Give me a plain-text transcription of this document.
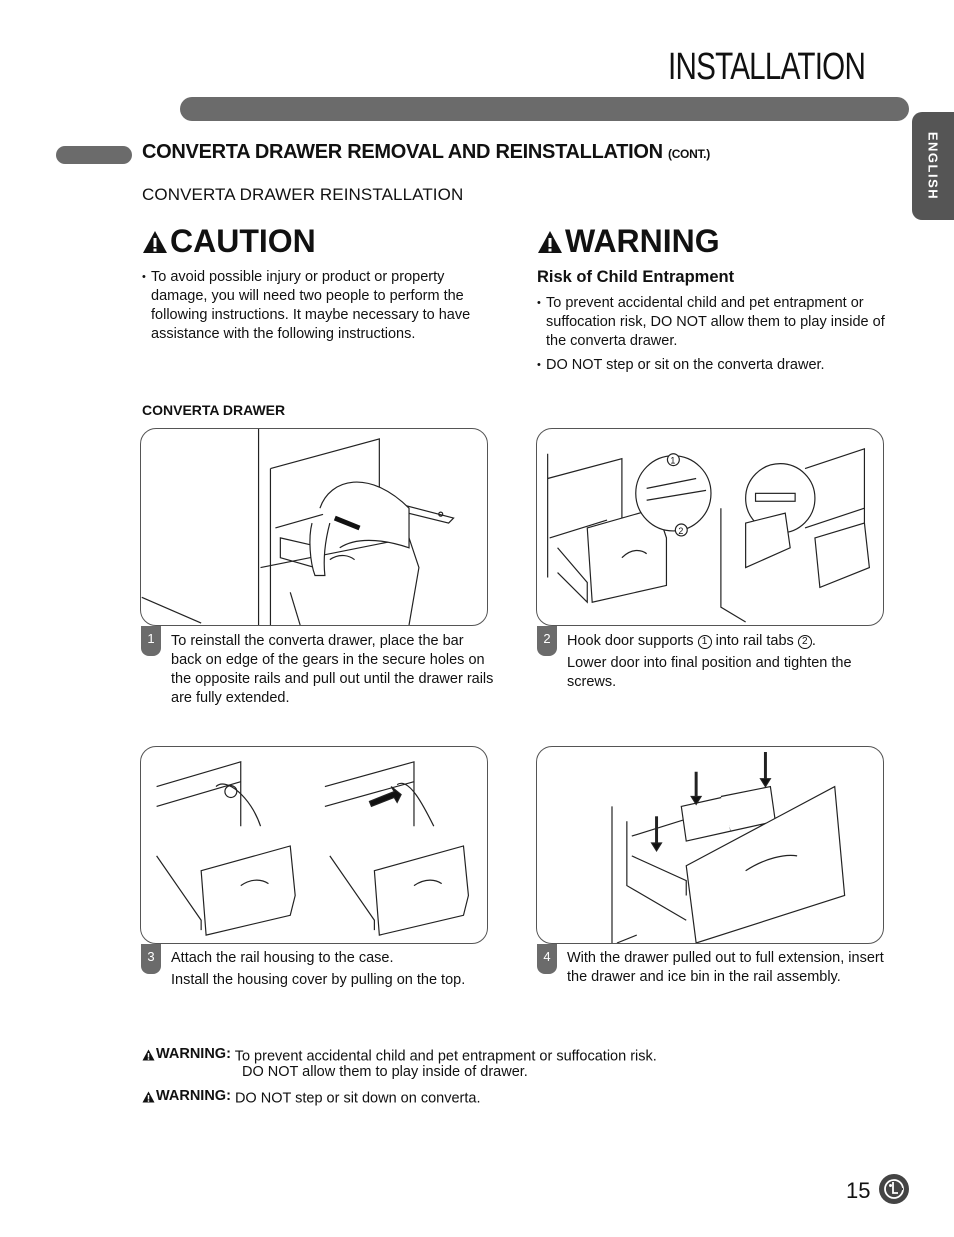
INSTALLATION
ENGLISH
CONVERTA DRAWER REMOVAL AND REINSTALLATION (CONT.)
CONVERTA DRAWER REINSTALLATION
CAUTION
• To avoid possible injury or product or property damage, you will need two people to perform the following instructions. It maybe necessary to have assistance with the following instructions.
WARNING
Risk of Child Entrapment
• To prevent accidental child and pet entrapment or suffocation risk, DO NOT allow them to play inside of the converta drawer.
• DO NOT step or sit on the converta drawer.
CONVERTA DRAWER
1	To reinstall the converta drawer, place the bar back on edge of the gears in the secure holes on the opposite rails and pull out until the drawer rails are fully extended.

1
2
2	Hook door supports 1 into rail tabs 2 .

Lower door into final position and tighten the screws.

3	Attach the rail housing to the case.

Install the housing cover by pulling on the top.

4	With the drawer pulled out to full extension, insert the drawer and ice bin in the rail assembly.

WARNING: To prevent accidental child and pet entrapment or suffocation risk.
DO NOT allow them to play inside of drawer.
WARNING: DO NOT step or sit down on converta.
15
